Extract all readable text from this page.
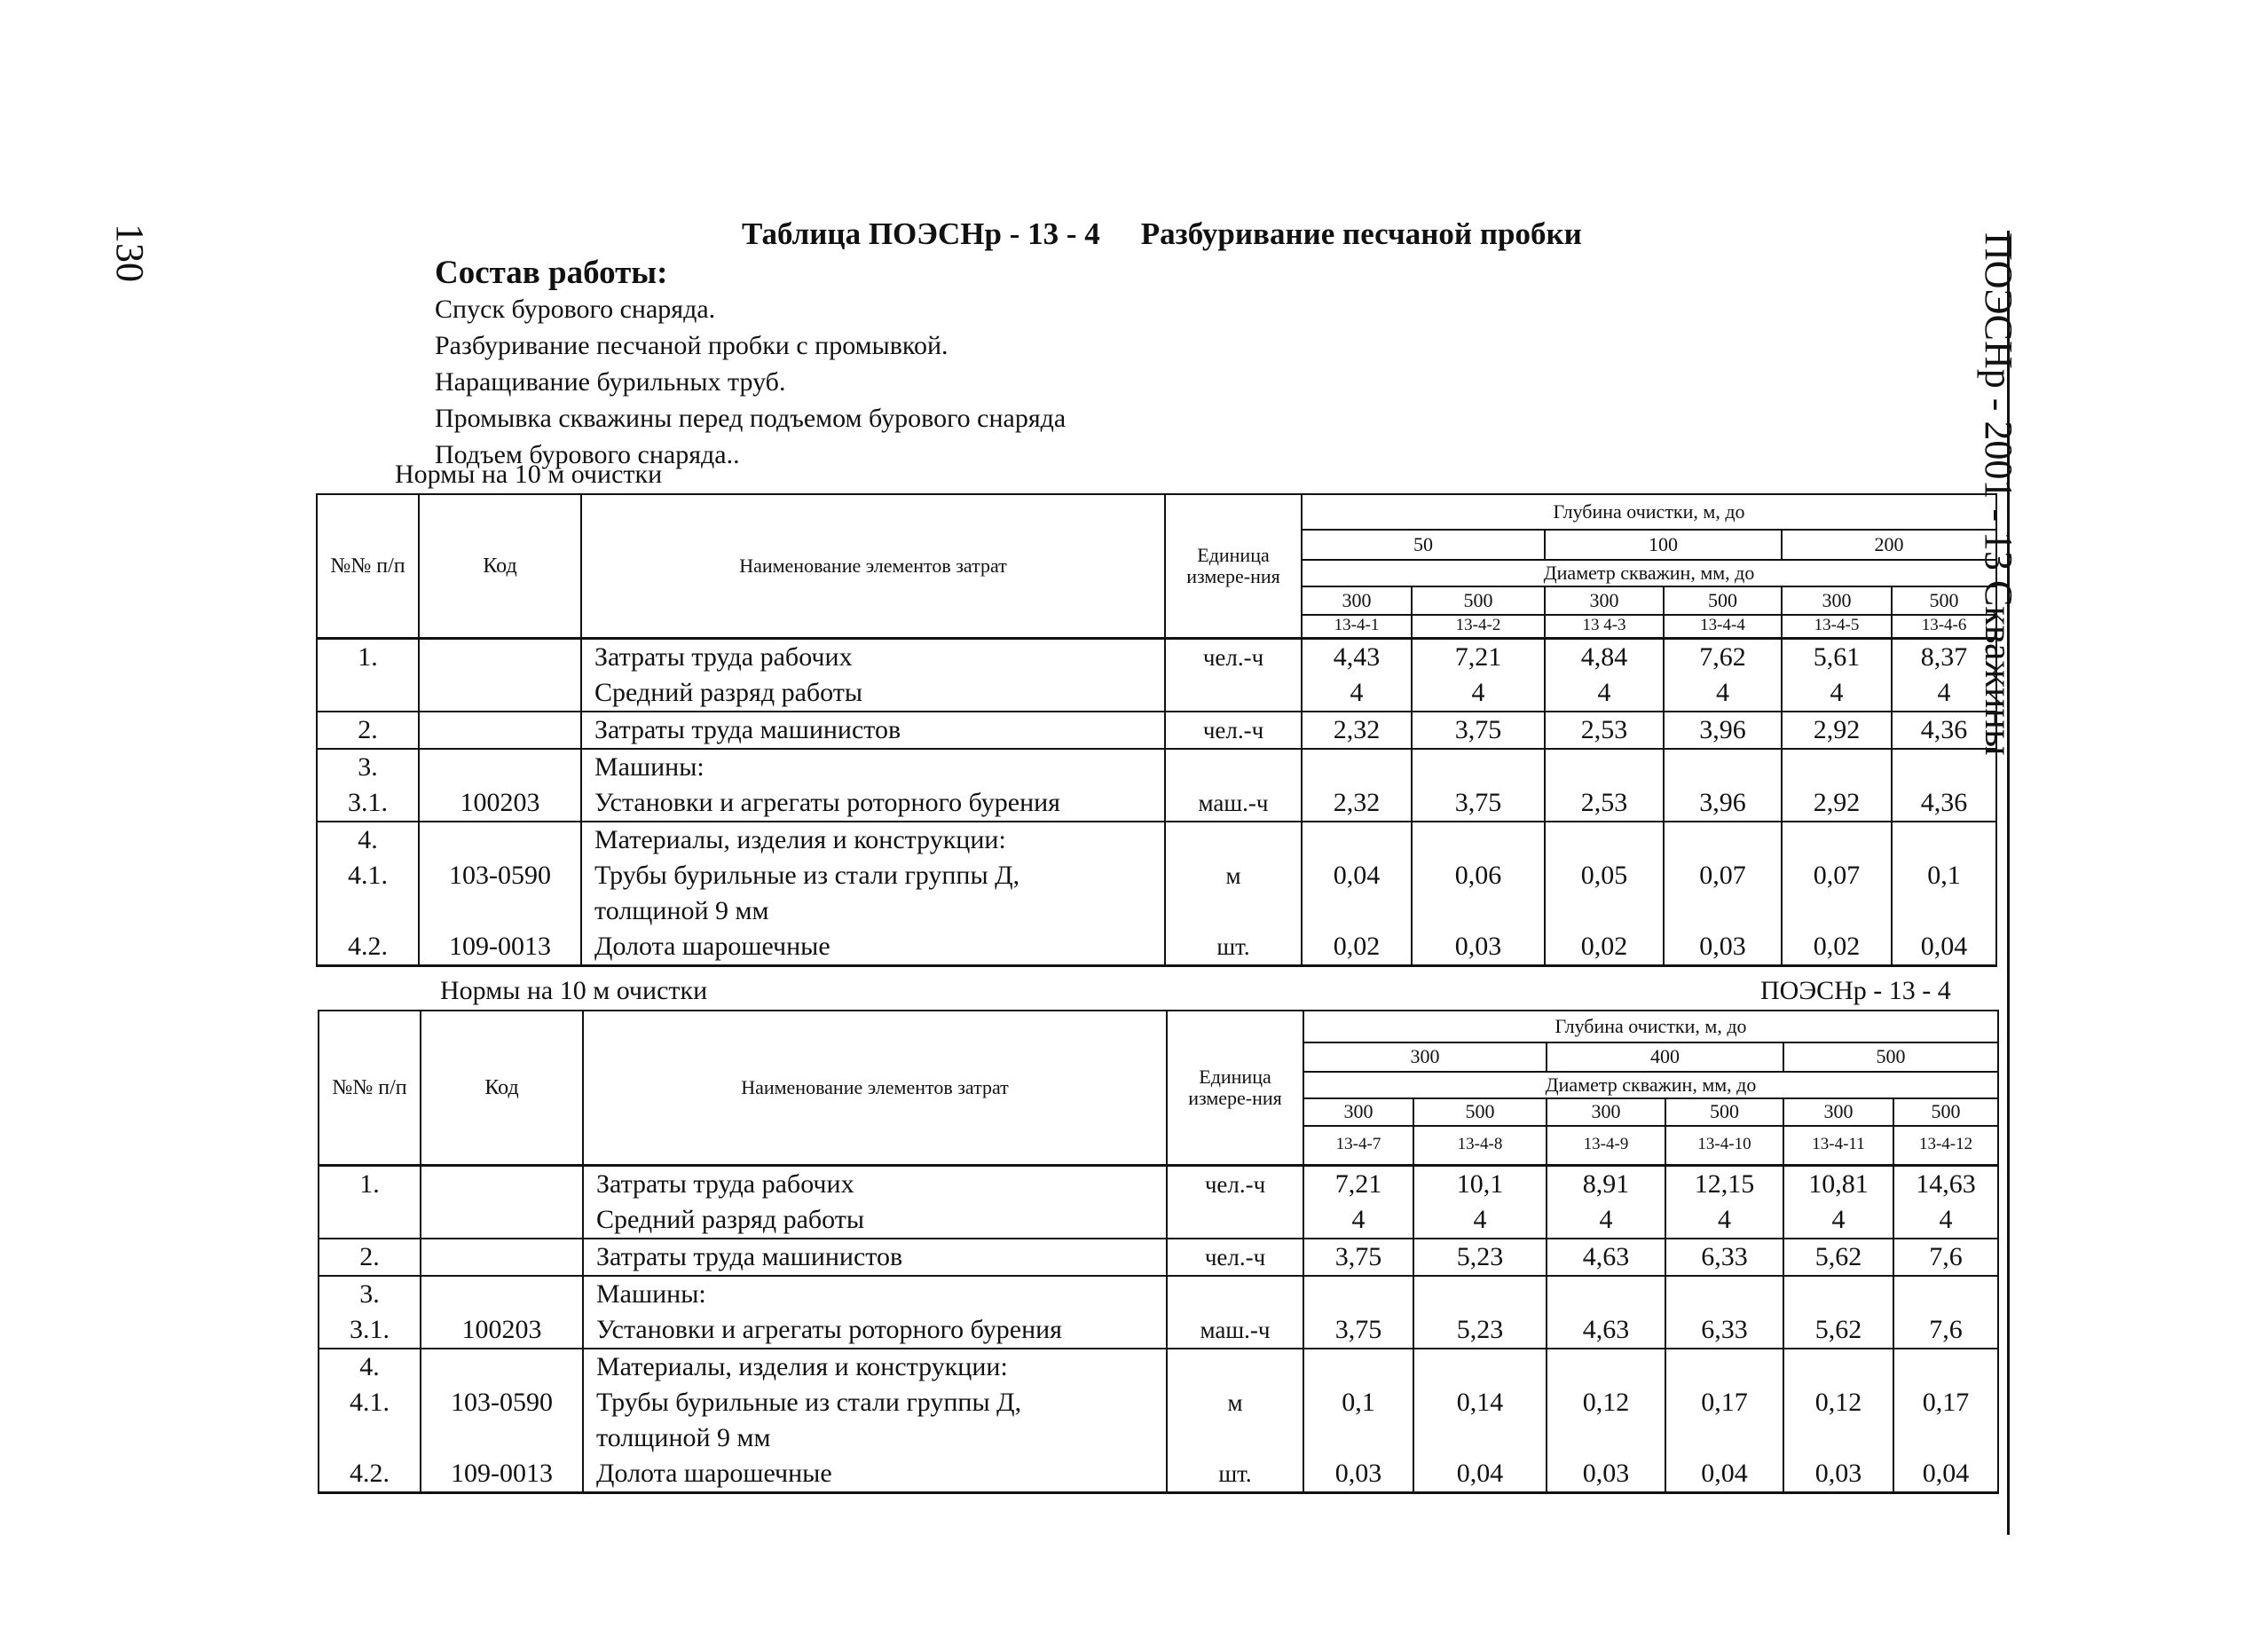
130	ПОЭСНр - 2001 - 13 Скважины
Таблица ПОЭСНр - 13 - 4 Разбуривание песчаной пробки
Состав работы:
Спуск бурового снаряда.
Разбуривание песчаной пробки с промывкой.
Наращивание бурильных труб.
Промывка скважины перед подъемом бурового снаряда
Подъем бурового снаряда..
Нормы на 10 м очистки
№№ п/п	Код	Наименование элементов затрат	Единица измере-ния	Глубина очистки, м, до					
				50		100		200	
				Диаметр скважин, мм, до					
				300	500	300	500	300	500
				13-4-1	13-4-2	13 4-3	13-4-4	13-4-5	13-4-6
1.		Затраты труда рабочих	чел.-ч	4,43	7,21	4,84	7,62	5,61	8,37
		Средний разряд работы		4	4	4	4	4	4
2.		Затраты труда машинистов	чел.-ч	2,32	3,75	2,53	3,96	2,92	4,36
3.		Машины:							
3.1.	100203	Установки и агрегаты роторного бурения	маш.-ч	2,32	3,75	2,53	3,96	2,92	4,36
4.		Материалы, изделия и конструкции:							
4.1.	103-0590	Трубы бурильные из стали группы Д,	м	0,04	0,06	0,05	0,07	0,07	0,1
		толщиной 9 мм							
4.2.	109-0013	Долота шарошечные	шт.	0,02	0,03	0,02	0,03	0,02	0,04
Нормы на 10 м очистки	ПОЭСНр - 13 - 4
№№ п/п	Код	Наименование элементов затрат	Единица измере-ния	Глубина очистки, м, до					
				300		400		500	
				Диаметр скважин, мм, до					
				300	500	300	500	300	500
				13-4-7	13-4-8	13-4-9	13-4-10	13-4-11	13-4-12
1.		Затраты труда рабочих	чел.-ч	7,21	10,1	8,91	12,15	10,81	14,63
		Средний разряд работы		4	4	4	4	4	4
2.		Затраты труда машинистов	чел.-ч	3,75	5,23	4,63	6,33	5,62	7,6
3.		Машины:							
3.1.	100203	Установки и агрегаты роторного бурения	маш.-ч	3,75	5,23	4,63	6,33	5,62	7,6
4.		Материалы, изделия и конструкции:							
4.1.	103-0590	Трубы бурильные из стали группы Д,	м	0,1	0,14	0,12	0,17	0,12	0,17
		толщиной 9 мм							
4.2.	109-0013	Долота шарошечные	шт.	0,03	0,04	0,03	0,04	0,03	0,04
